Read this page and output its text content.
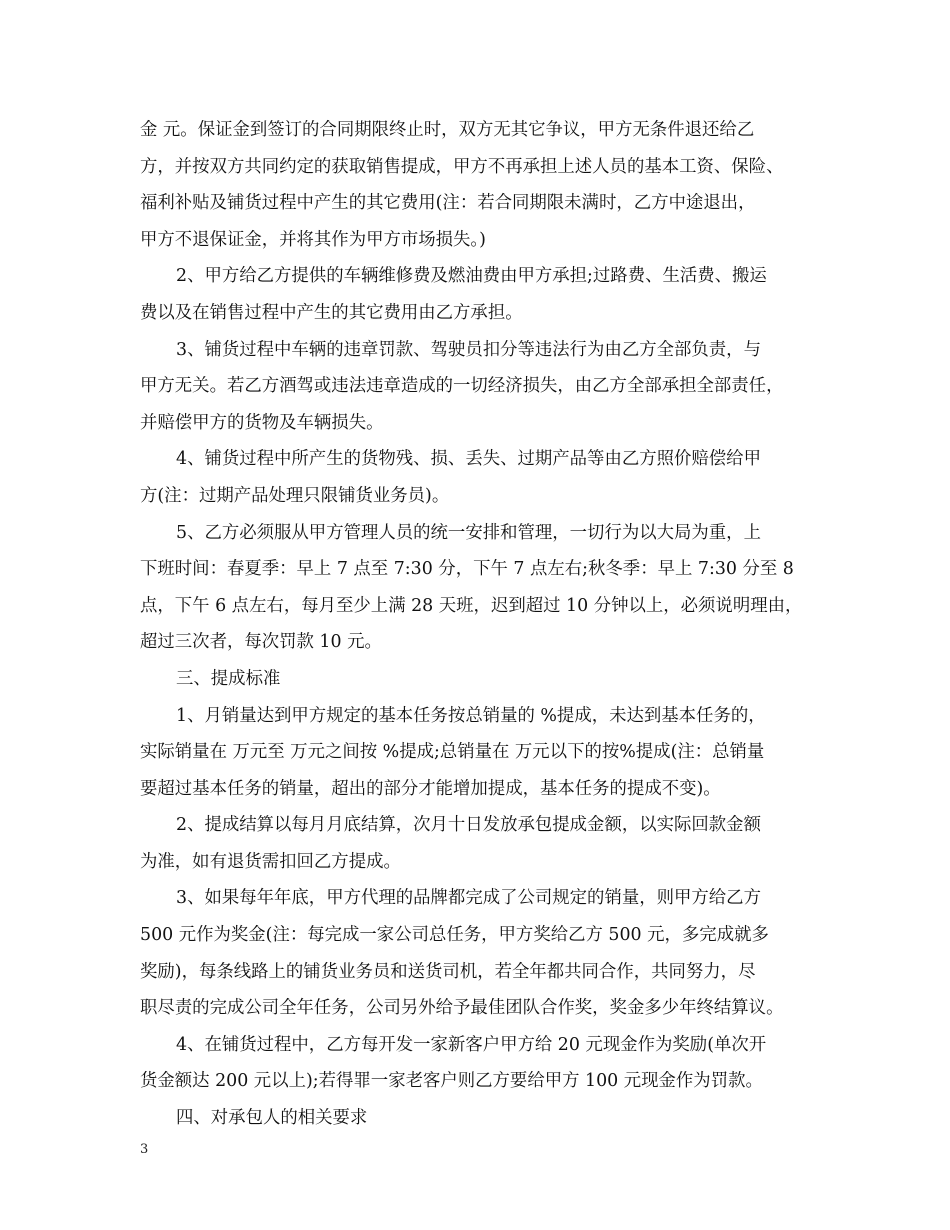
金 元。保证金到签订的合同期限终止时，双方无其它争议，甲方无条件退还给乙
方，并按双方共同约定的获取销售提成，甲方不再承担上述人员的基本工资、保险、
福利补贴及铺货过程中产生的其它费用(注：若合同期限未满时，乙方中途退出，
甲方不退保证金，并将其作为甲方市场损失。)
2、甲方给乙方提供的车辆维修费及燃油费由甲方承担;过路费、生活费、搬运
费以及在销售过程中产生的其它费用由乙方承担。
3、铺货过程中车辆的违章罚款、驾驶员扣分等违法行为由乙方全部负责，与
甲方无关。若乙方酒驾或违法违章造成的一切经济损失，由乙方全部承担全部责任，
并赔偿甲方的货物及车辆损失。
4、铺货过程中所产生的货物残、损、丢失、过期产品等由乙方照价赔偿给甲
方(注：过期产品处理只限铺货业务员)。
5、乙方必须服从甲方管理人员的统一安排和管理，一切行为以大局为重，上
下班时间：春夏季：早上 7 点至 7:30 分，下午 7 点左右;秋冬季：早上 7:30 分至 8
点，下午 6 点左右，每月至少上满 28 天班，迟到超过 10 分钟以上，必须说明理由，
超过三次者，每次罚款 10 元。
三、提成标准
1、月销量达到甲方规定的基本任务按总销量的 %提成，未达到基本任务的，
实际销量在 万元至 万元之间按 %提成;总销量在 万元以下的按%提成(注：总销量
要超过基本任务的销量，超出的部分才能增加提成，基本任务的提成不变)。
2、提成结算以每月月底结算，次月十日发放承包提成金额，以实际回款金额
为准，如有退货需扣回乙方提成。
3、如果每年年底，甲方代理的品牌都完成了公司规定的销量，则甲方给乙方
500 元作为奖金(注：每完成一家公司总任务，甲方奖给乙方 500 元，多完成就多
奖励)，每条线路上的铺货业务员和送货司机，若全年都共同合作，共同努力，尽
职尽责的完成公司全年任务，公司另外给予最佳团队合作奖，奖金多少年终结算议。
4、在铺货过程中，乙方每开发一家新客户甲方给 20 元现金作为奖励(单次开
货金额达 200 元以上);若得罪一家老客户则乙方要给甲方 100 元现金作为罚款。
四、对承包人的相关要求
3
